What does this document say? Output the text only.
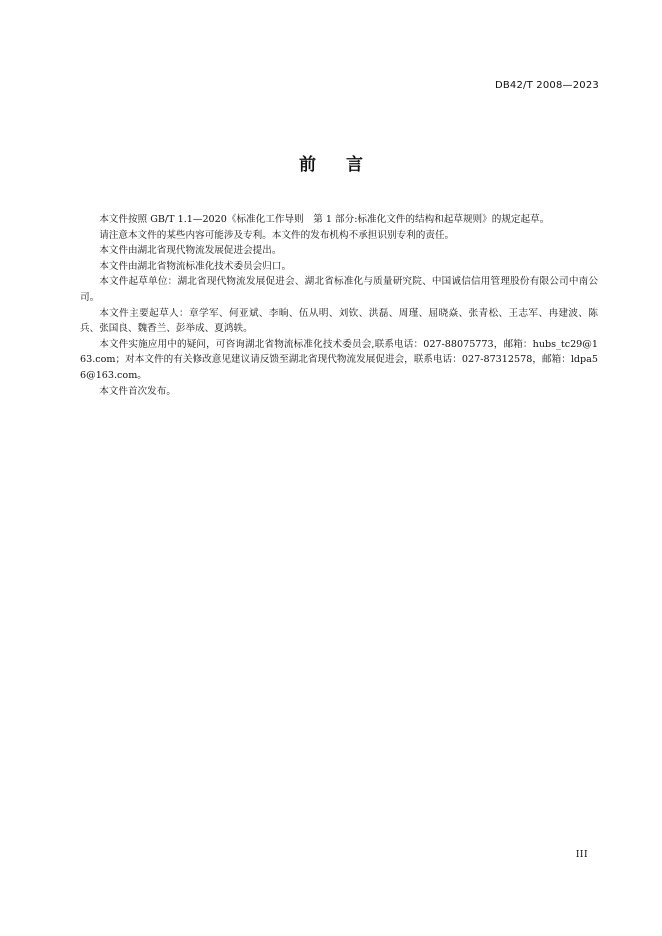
DB42/T 2008—2023
前 言

本文件按照 GB/T 1.1—2020《标准化工作导则　第 1 部分:标准化文件的结构和起草规则》的规定起草。

请注意本文件的某些内容可能涉及专利。本文件的发布机构不承担识别专利的责任。

本文件由湖北省现代物流发展促进会提出。

本文件由湖北省物流标准化技术委员会归口。

本文件起草单位：湖北省现代物流发展促进会、湖北省标准化与质量研究院、中国诚信信用管理股份有限公司中南公司。

本文件主要起草人：章学军、何亚斌、李晌、伍从明、刘钦、洪磊、周瑾、屈晓焱、张青松、王志军、冉建波、陈兵、张国良、魏香兰、彭举成、夏鸿轶。

本文件实施应用中的疑问，可咨询湖北省物流标准化技术委员会,联系电话：027-88075773，邮箱：hubs_tc29@163.com；对本文件的有关修改意见建议请反馈至湖北省现代物流发展促进会，联系电话：027-87312578，邮箱：ldpa56@163.com。

本文件首次发布。

III
